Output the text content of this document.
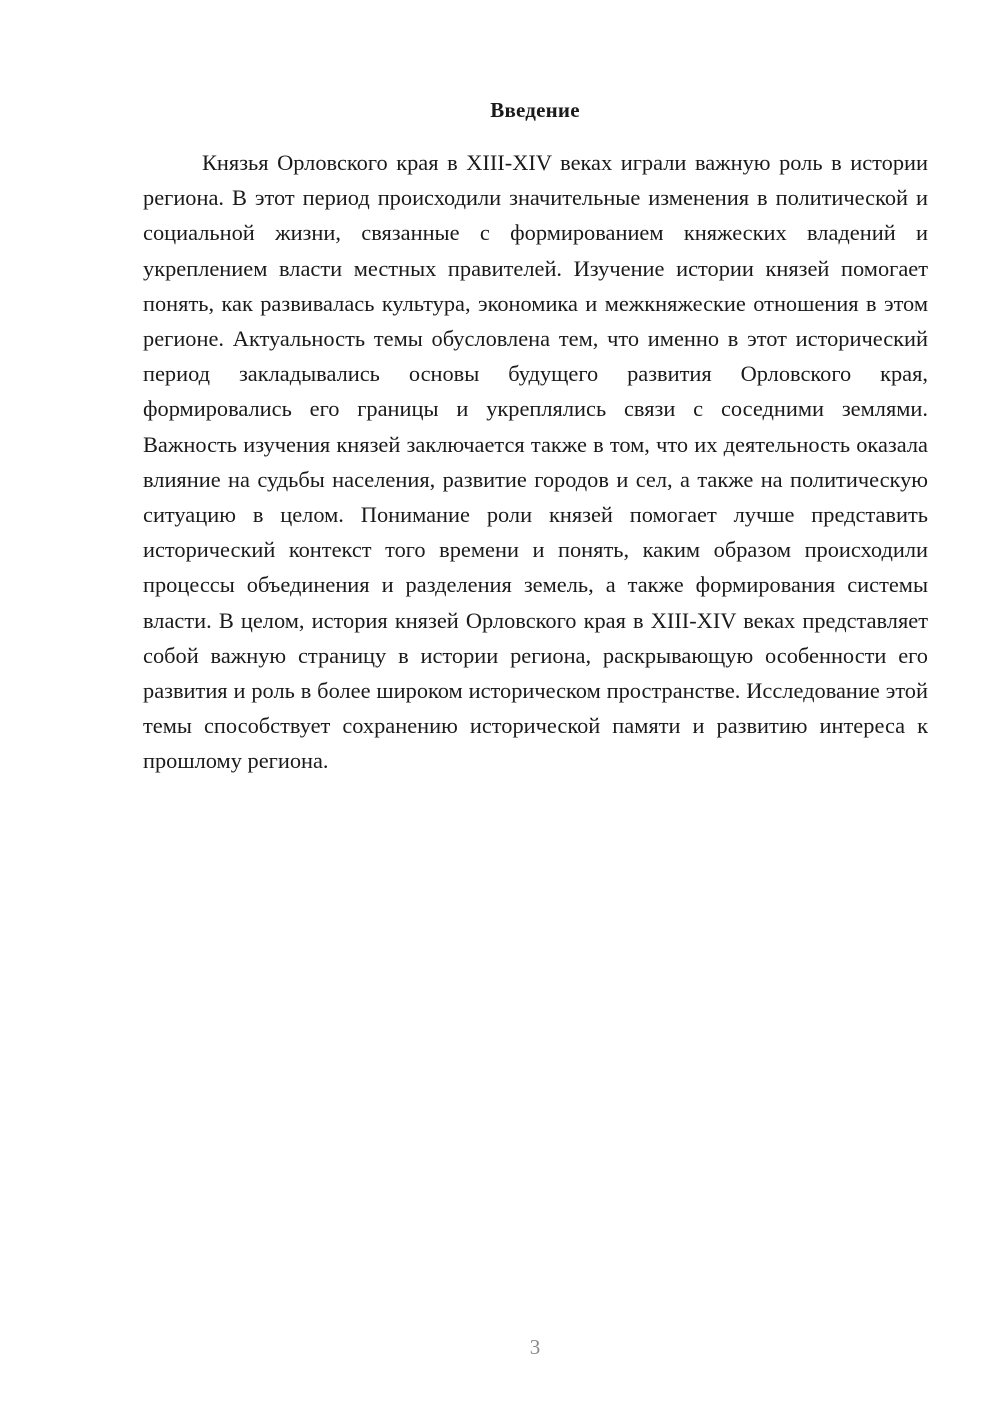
Введение

Князья Орловского края в XIII-XIV веках играли важную роль в истории региона. В этот период происходили значительные изменения в политической и социальной жизни, связанные с формированием княжеских владений и укреплением власти местных правителей. Изучение истории князей помогает понять, как развивалась культура, экономика и межкняжеские отношения в этом регионе. Актуальность темы обусловлена тем, что именно в этот исторический период закладывались основы будущего развития Орловского края, формировались его границы и укреплялись связи с соседними землями. Важность изучения князей заключается также в том, что их деятельность оказала влияние на судьбы населения, развитие городов и сел, а также на политическую ситуацию в целом. Понимание роли князей помогает лучше представить исторический контекст того времени и понять, каким образом происходили процессы объединения и разделения земель, а также формирования системы власти. В целом, история князей Орловского края в XIII-XIV веках представляет собой важную страницу в истории региона, раскрывающую особенности его развития и роль в более широком историческом пространстве. Исследование этой темы способствует сохранению исторической памяти и развитию интереса к прошлому региона.

3
